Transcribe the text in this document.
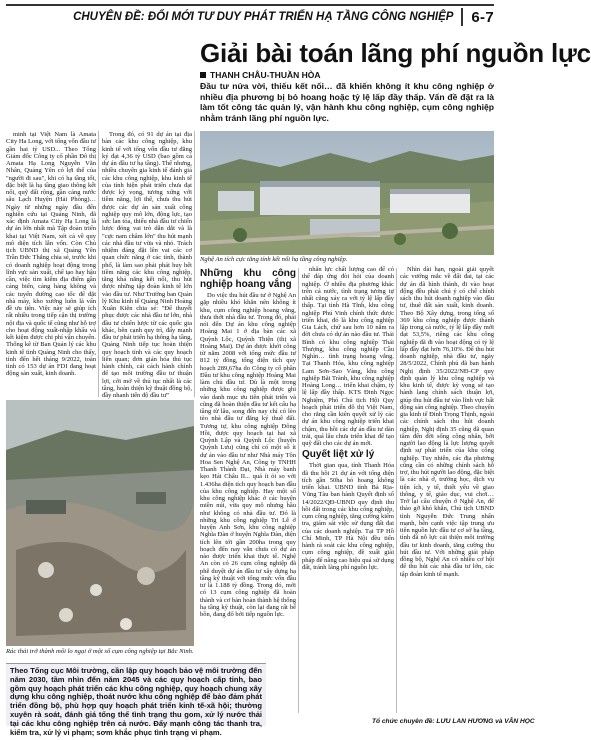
CHUYÊN ĐỀ: ĐỔI MỚI TƯ DUY PHÁT TRIỂN HẠ TẦNG CÔNG NGHIỆP 6-7
Giải bài toán lãng phí nguồn lực
THANH CHÂU-THUẦN HÒA
Đầu tư nửa vời, thiếu kết nối… đã khiến không ít khu công nghiệp ở nhiều địa phương bị bỏ hoang hoặc tỷ lệ lấp đầy thấp. Vấn đề đặt ra là làm tốt công tác quản lý, vận hành khu công nghiệp, cụm công nghiệp nhằm tránh lãng phí nguồn lực.
Nghệ An tích cực tăng tính kết nối hạ tầng công nghiệp.
Rác thải trở thành mối lo ngại ở một số cụm công nghiệp tại Bắc Ninh.

minh tại Việt Nam là Amata City Ha Long, với tổng vốn đầu tư gần hai tỷ USD... Theo Tổng Giám đốc Công ty cổ phần Đô thị Amata Hạ Long Nguyễn Văn Nhân, Quảng Yên có lợi thế của "người đi sau", khi có hạ tầng tốt, đặc biệt là hạ tầng giao thông kết nối, quỹ đất rộng, gần cảng nước sâu Lạch Huyện (Hải Phòng)… Ngày từ những ngày đầu đến nghiên cứu tại Quảng Ninh, đã xác định Amata City Hạ Long là dự án lớn nhất mà Tập đoàn triển khai tại Việt Nam, xét cả về quy mô diện tích lẫn vốn. Còn Chủ tịch UBND thị xã Quảng Yên Trần Đức Thắng chia sẻ, trước khi có doanh nghiệp hoạt động trong lĩnh vực sản xuất, chế tạo hay hậu cần, việc tìm kiếm địa điểm gần cảng biển, cảng hàng không và các tuyến đường cao tốc để đặt nhà máy, kho xưởng luôn là vấn đề ưu tiên. Việc này sẽ giúp ích rất nhiều trong tiếp cận thị trường nội địa và quốc tế cũng như hỗ trợ cho hoạt động xuất-nhập khẩu và kết kiệm được chi phí vận chuyển. Thống kê từ Ban Quản lý các khu kinh tế tỉnh Quảng Ninh cho thấy, tính đến hết tháng 9/2022, toàn tỉnh có 153 dự án FDI đang hoạt động sản xuất, kinh doanh.

Trong đó, có 91 dự án tại địa bàn các khu công nghiệp, khu kinh tế với tổng vốn đầu tư đăng ký đạt 4,36 tỷ USD (bao gồm cả dự án đầu tư hạ tầng). Thế nhưng, nhiều chuyên gia kinh tế đánh giá các khu công nghiệp, khu kinh tế của tỉnh hiện phát triển chưa đạt được kỳ vọng, tương xứng với tiềm năng, lợi thế, chưa thu hút được các dự án sản xuất công nghiệp quy mô lớn, động lực, tạo sức lan tỏa, thiếu nhà đầu tư chiến lược đóng vai trò dẫn dắt và là "cực nam châm lớn" thu hút mạnh các nhà đầu tư vừa và nhỏ. Trách nhiệm đáng đặt lên vai các cơ quan chức năng ở các tỉnh, thành phố, là làm sao phải phát huy hết tiềm năng các khu công nghiệp, tăng khả năng kết nối, thu hút được những tập đoàn kinh tế lớn vào đầu tư. Như Trưởng ban Quản lý Khu kinh tế Quảng Ninh Hoàng Xuân Kiên chia sẻ: "Để thuyết phục được các nhà đầu tư lớn, nhà đầu tư chiến lược từ các quốc gia khác, bên cạnh quy trì, đẩy mạnh đầu tư phát triển hạ thông hạ tầng, Quảng Ninh tiếp tục hoàn thiện quy hoạch tỉnh và các quy hoạch liên quan; đơn giản hóa thủ tục hành chính, cải cách hành chính để tạo môi trường đầu tư thuận lợi, cởi mở về thủ tục nhất là các tầng, hoàn thiện kỹ thuật đồng bộ, đầy nhanh tiến độ đầu tư"

Những khu công nghiệp hoang vắng

Do việc thu hút đầu tư ở Nghệ An gặp nhiều khó khăn nên không ít khu, cụm công nghiệp hoang vắng, thưa thớt nhà đầu tư. Trong đó, phải nói đến Dự án khu công nghiệp Hoàng Mai 1 ở địa bàn các xã Quỳnh Lộc, Quỳnh Thiện (thị xã Hoàng Mai). Dự án được khởi công từ năm 2008 với tổng mức đầu tư 812 tỷ đồng, tổng diện tích quy hoạch 289,67ha do Công ty cổ phần Đầu tư khu công nghiệp Hoàng Mai làm chủ đầu tư. Dù là một trong những khu công nghiệp được ghi vào danh mục ưu tiên phát triển và cũng đã hoàn thiện đầu tư kết cấu hạ tầng từ lâu, song đến nay chỉ có lèo tèo nhà đầu tư đăng ký thuê đất. Tương tự, khu công nghiệp Đông Hồi, được quy hoạch tại hai xã Quỳnh Lập và Quỳnh Lộc (huyện Quỳnh Lưu) cũng chỉ có một số ít dự án vào đầu tư như Nhà máy Tôn Hoa Sen Nghệ An, Công ty TNHH Thanh Thành Đạt, Nhà máy banh kẹo Hải Châu II... quá ít ỏi so với 1.436ha diện tích quy hoạch ban đầu của khu công nghiệp. Hay một số khu công nghiệp khác ở các huyện miền núi, vừa quy mô nhưng hầu như không có nhà đầu tư. Đó là những khu công nghiệp Tri Lễ ở huyện Anh Sơn, khu công nghiệp Nghĩa Đàn ở huyện Nghĩa Đàn, diện tích lên tới gần 200ha trong quy hoạch đến nay vẫn chưa có dự án nào được triển khai thực tế. Nghệ An còn có 26 cụm công nghiệp đã phê duyệt dự án đầu tư xây dựng hạ tầng kỹ thuật với tổng mức vốn đầu tư là 1.188 tỷ đồng. Trong đó, mới có 13 cụm công nghiệp đã hoàn thành và cơ bản hoàn thành hệ thống hạ tầng kỹ thuật, còn lại đang rất bế bồn, đang đổ bởi tiếp nguồn lực.

nhân lực chất lượng cao để có thể đáp ứng đòi hỏi của doanh nghiệp. Ở nhiều địa phương khác trên cả nước, tình trạng tương tự nhất cũng xảy ra với tỷ lệ lấp đầy thấp. Tại tỉnh Hà Tĩnh, khu công nghiệp Phú Vinh chính thức được triển khai, đó là khu công nghiệp Gia Lách, chứ sau hơn 10 năm ra đời chưa có dự án nào đầu tư. Thái Bình có khu công nghiệp Thái Thượng, khu công nghiệp Cầu Nghìn… tình trạng hoang vắng. Tại Thanh Hóa, khu công nghiệp Lam Sơn–Sao Vàng, khu công nghiệp Bãi Trành, khu công nghiệp Hoàng Long… triển khai chậm, tỷ lệ lấp đầy thấp. KTS Đinh Ngọc Nghiệm, Phó Chủ tịch Hội Quy hoạch phát triển đô thị Việt Nam, cho rằng cần kiên quyết xử lý các dự án khu công nghiệp triển khai chậm, thu hồi các dự án đầu tư dàn trải, quá lâu chưa triển khai để tạo quỹ đất cho các dự án mới.

Quyết liệt xử lý

Thời gian qua, tỉnh Thanh Hóa đã thu hồi 21 dự án với tổng diện tích gần 50ha bỏ hoang không triển khai. UBND tỉnh Bà Rịa-Vũng Tàu ban hành Quyết định số 14/2022/QĐ-UBND quy định thu hồi đất trong các khu công nghiệp, cụm công nghiệp, tăng cường kiểm tra, giám sát việc sử dụng đất đai của các doanh nghiệp. Tại TP Hồ Chí Minh, TP Hà Nội đều tiến hành rà soát các khu công nghiệp, cụm công nghiệp, đề xuất giải pháp để nâng cao hiệu quả sử dụng đất, tránh lãng phí nguồn lực.

Nhìn dài hạn, ngoài giải quyết các vướng mắc về đất đai, tại các dự án đã hình thành, đi vào hoạt động đều phải chú ý có chế chính sách thu hút doanh nghiệp vào đầu tư, thuê đất sản xuất, kinh doanh. Theo Bộ Xây dựng, trong tổng số 369 khu công nghiệp được thành lập trong cả nước, tỷ lệ lấp đầy mới đạt 53,5%, riêng các khu công nghiệp đã đi vào hoạt động có tỷ lệ lấp đầy đạt hơn 76,10%. Để thu hút doanh nghiệp, nhà đầu tư, ngày 28/5/2022, Chính phủ đã ban hành Nghị định 35/2022/NĐ-CP quy định quản lý khu công nghiệp và khu kinh tế, được kỳ vọng sẽ tạo hành lang chính sách thuận lợi, giúp thu hút đầu tư vào lĩnh vực bất động sản công nghiệp. Theo chuyên gia kinh tế Đinh Trọng Thịnh, ngoài các chính sách thu hút doanh nghiệp, Nghị định 35 cũng đã quan tâm đến đời sống công nhân, bởi người lao động là lực lượng quyết định sự phát triển của khu công nghiệp. Tuy nhiên, các địa phương cũng cần có những chính sách hỗ trợ, thu hút người lao động, đặc biệt là các nhà ở, trường học, dịch vụ tiện ích, y tế, thiết yếu về giao thông, y tế, giáo dục, vui chơi… Trở lại câu chuyện ở Nghệ An, để thảo gỡ khó khăn, Chủ tịch UBND tỉnh Nguyễn Đức Trung nhấn mạnh, bên cạnh việc tập trung ưu tiên nguồn lực đầu tư cơ sở hạ tầng, tỉnh đã nỗ lực cải thiện môi trường đầu tư kinh doanh, tăng cường thu hút đầu tư. Với những giải pháp đồng bộ, Nghệ An có nhiều cơ hội để thu hút các nhà đầu tư lớn, các tập đoàn kinh tế mạnh.

Theo Tổng cục Môi trường, cần lập quy hoạch bảo vệ môi trường đến năm 2030, tầm nhìn đến năm 2045 và các quy hoạch cấp tỉnh, bao gồm quy hoạch phát triển các khu công nghiệp, quy hoạch chung xây dựng khu công nghiệp, thoát nước khu công nghiệp để bảo đảm phát triển đồng bộ, phù hợp quy hoạch phát triển kinh tế-xã hội; thường xuyên rà soát, đánh giá tổng thể tình trạng thu gom, xử lý nước thải tại các khu công nghiệp trên cả nước. Đẩy mạnh công tác thanh tra, kiểm tra, xử lý vi phạm; sơm khắc phục tình trạng vi phạm.
Tổ chức chuyên đề: LƯU LAN HƯƠNG và VÂN HỌC
